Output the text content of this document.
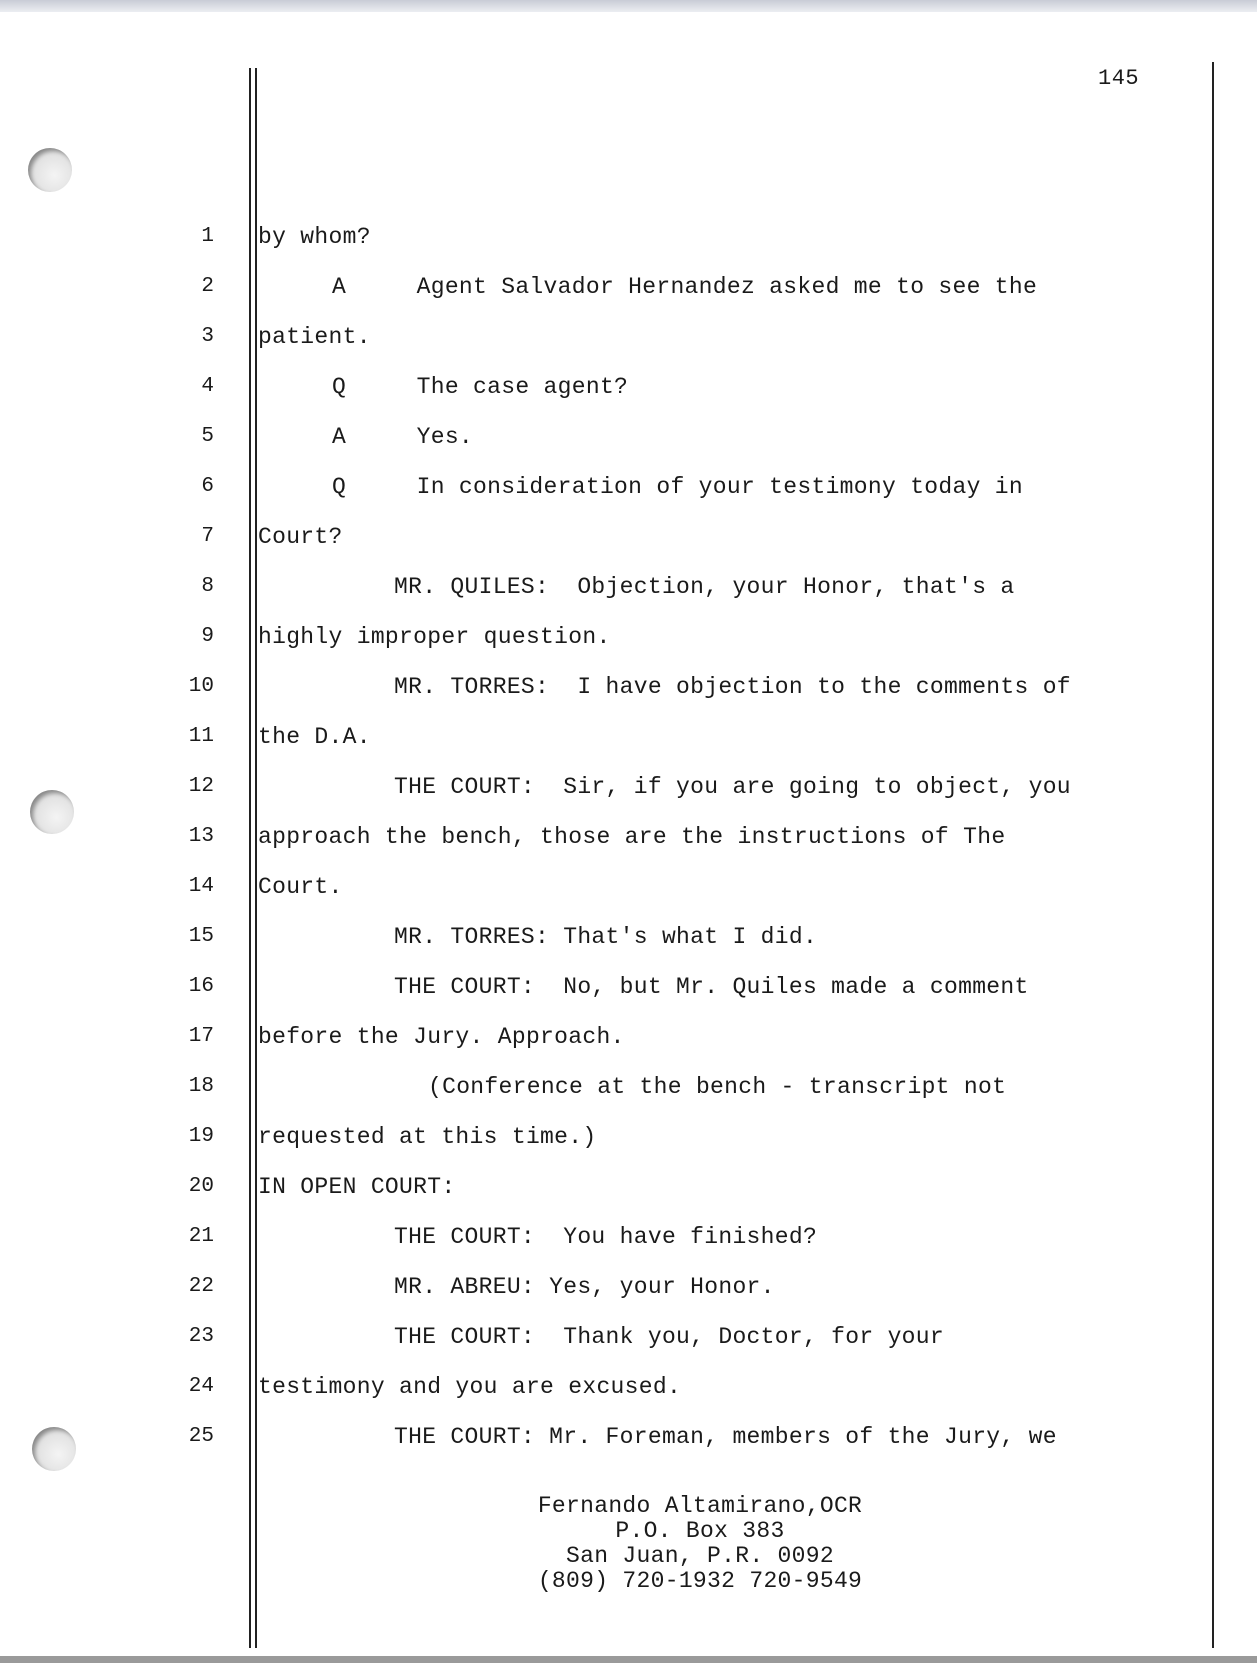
145
1 by whom?
2	A     Agent Salvador Hernandez asked me to see the
3 patient.
4	Q     The case agent?
5	A     Yes.
6	Q     In consideration of your testimony today in
7 Court?
8	MR. QUILES:  Objection, your Honor, that's a
9 highly improper question.
10	MR. TORRES:  I have objection to the comments of
11 the D.A.
12	THE COURT:  Sir, if you are going to object, you
13 approach the bench, those are the instructions of The
14 Court.
15	MR. TORRES: That's what I did.
16	THE COURT:  No, but Mr. Quiles made a comment
17 before the Jury. Approach.
18	(Conference at the bench - transcript not
19 requested at this time.)
20 IN OPEN COURT:
21	THE COURT:  You have finished?
22	MR. ABREU: Yes, your Honor.
23	THE COURT:  Thank you, Doctor, for your
24 testimony and you are excused.
25	THE COURT: Mr. Foreman, members of the Jury, we
Fernando Altamirano,OCR
P.O. Box 383
San Juan, P.R. 0092
(809) 720-1932 720-9549
